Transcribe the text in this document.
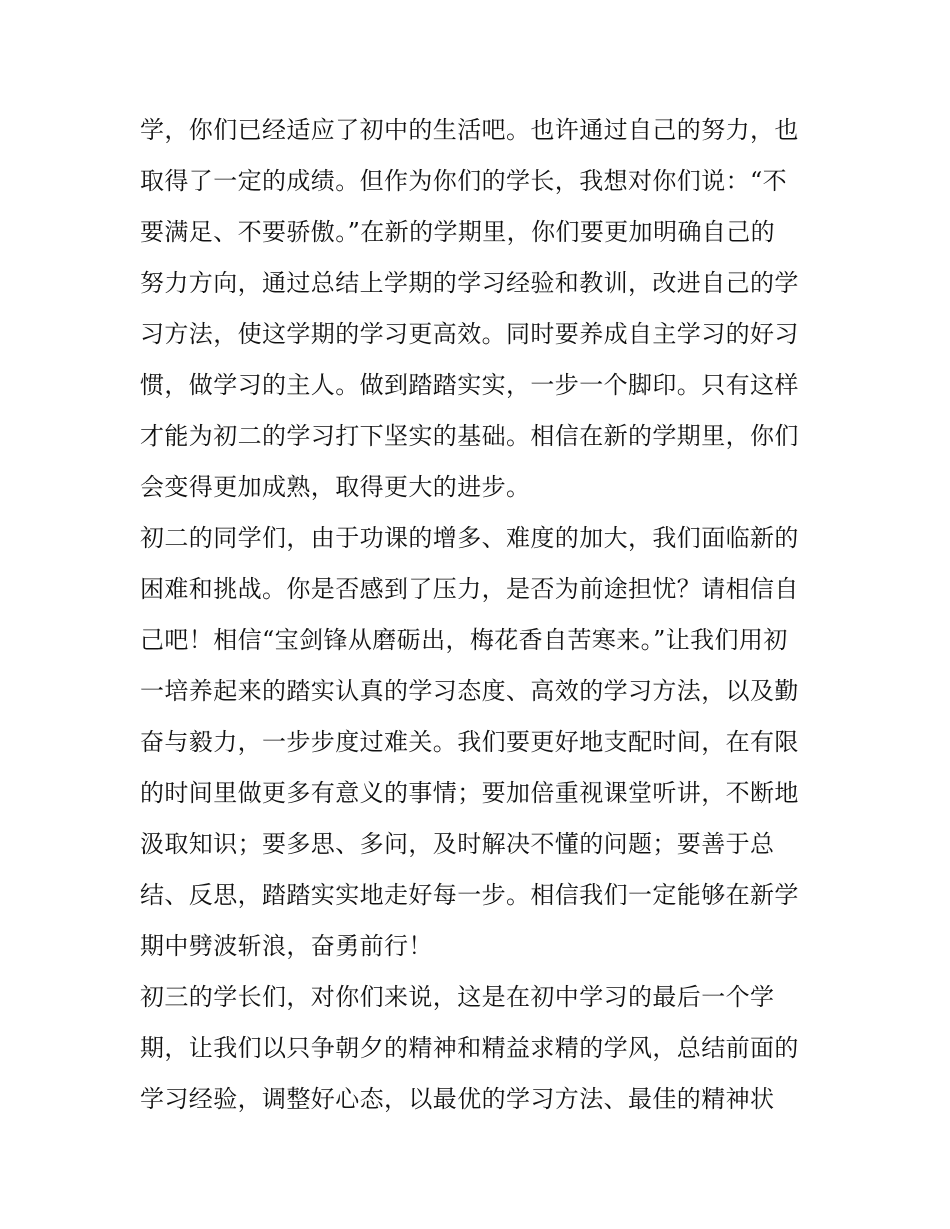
学，你们已经适应了初中的生活吧。也许通过自己的努力，也
取得了一定的成绩。但作为你们的学长，我想对你们说：“不
要满足、不要骄傲。”在新的学期里，你们要更加明确自己的
努力方向，通过总结上学期的学习经验和教训，改进自己的学
习方法，使这学期的学习更高效。同时要养成自主学习的好习
惯，做学习的主人。做到踏踏实实，一步一个脚印。只有这样
才能为初二的学习打下坚实的基础。相信在新的学期里，你们
会变得更加成熟，取得更大的进步。
初二的同学们，由于功课的增多、难度的加大，我们面临新的
困难和挑战。你是否感到了压力，是否为前途担忧？请相信自
己吧！相信“宝剑锋从磨砺出，梅花香自苦寒来。”让我们用初
一培养起来的踏实认真的学习态度、高效的学习方法，以及勤
奋与毅力，一步步度过难关。我们要更好地支配时间，在有限
的时间里做更多有意义的事情；要加倍重视课堂听讲，不断地
汲取知识；要多思、多问，及时解决不懂的问题；要善于总
结、反思，踏踏实实地走好每一步。相信我们一定能够在新学
期中劈波斩浪，奋勇前行！
初三的学长们，对你们来说，这是在初中学习的最后一个学
期，让我们以只争朝夕的精神和精益求精的学风，总结前面的
学习经验，调整好心态，以最优的学习方法、最佳的精神状
